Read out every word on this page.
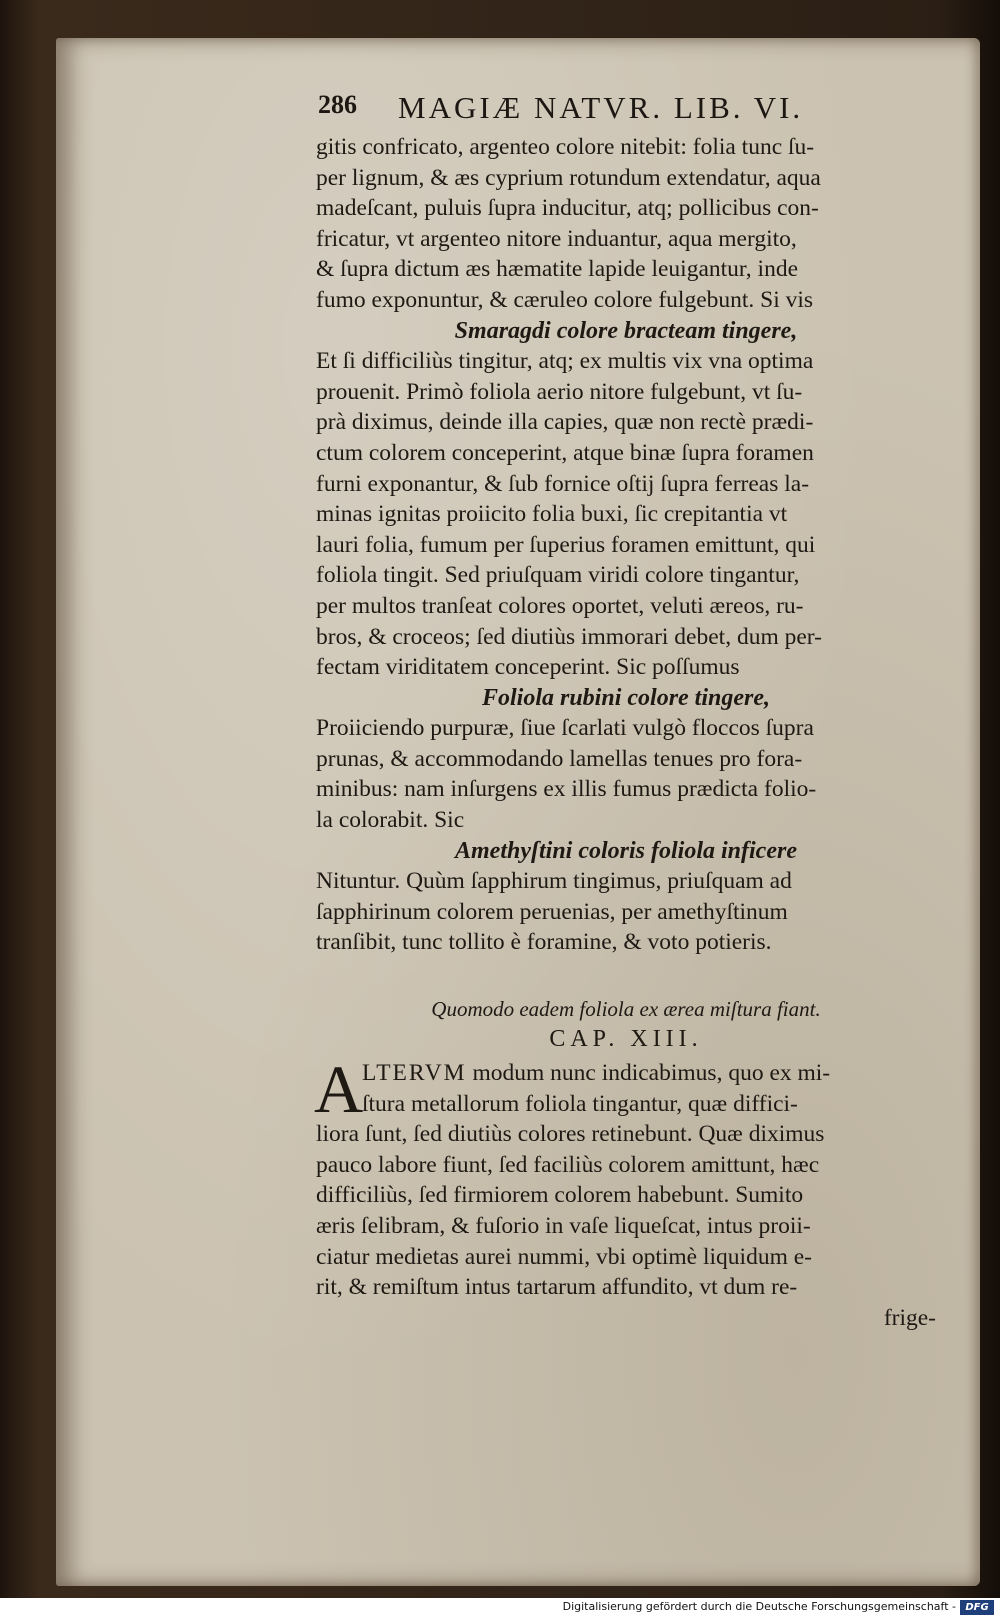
286 MAGIÆ NATVR. LIB. VI.
gitis confricato, argenteo colore nitebit: folia tunc ſu-
per lignum, & æs cyprium rotundum extendatur, aqua
madeſcant, puluis ſupra inducitur, atq; pollicibus con-
fricatur, vt argenteo nitore induantur, aqua mergito,
& ſupra dictum æs hæmatite lapide leuigantur, inde
fumo exponuntur, & cæruleo colore fulgebunt. Si vis
Smaragdi colore bracteam tingere,
Et ſi difficiliùs tingitur, atq; ex multis vix vna optima
prouenit. Primò foliola aerio nitore fulgebunt, vt ſu-
prà diximus, deinde illa capies, quæ non rectè prædi-
ctum colorem conceperint, atque binæ ſupra foramen
furni exponantur, & ſub fornice oſtij ſupra ferreas la-
minas ignitas proiicito folia buxi, ſic crepitantia vt
lauri folia, fumum per ſuperius foramen emittunt, qui
foliola tingit. Sed priuſquam viridi colore tingantur,
per multos tranſeat colores oportet, veluti æreos, ru-
bros, & croceos; ſed diutiùs immorari debet, dum per-
fectam viriditatem conceperint. Sic poſſumus
Foliola rubini colore tingere,
Proiiciendo purpuræ, ſiue ſcarlati vulgò floccos ſupra
prunas, & accommodando lamellas tenues pro fora-
minibus: nam inſurgens ex illis fumus prædicta folio-
la colorabit. Sic
Amethyſtini coloris foliola inficere
Nituntur. Quùm ſapphirum tingimus, priuſquam ad
ſapphirinum colorem peruenias, per amethyſtinum
tranſibit, tunc tollito è foramine, & voto potieris.
Quomodo eadem foliola ex ærea miſtura fiant.
CAP. XIII.
A
LTERVM modum nunc indicabimus, quo ex mi-
ſtura metallorum foliola tingantur, quæ diffici-
liora ſunt, ſed diutiùs colores retinebunt. Quæ diximus
pauco labore fiunt, ſed faciliùs colorem amittunt, hæc
difficiliùs, ſed firmiorem colorem habebunt. Sumito
æris ſelibram, & fuſorio in vaſe liqueſcat, intus proii-
ciatur medietas aurei nummi, vbi optimè liquidum e-
rit, & remiſtum intus tartarum affundito, vt dum re-
frige-
Digitalisierung gefördert durch die Deutsche Forschungsgemeinschaft - DFG
